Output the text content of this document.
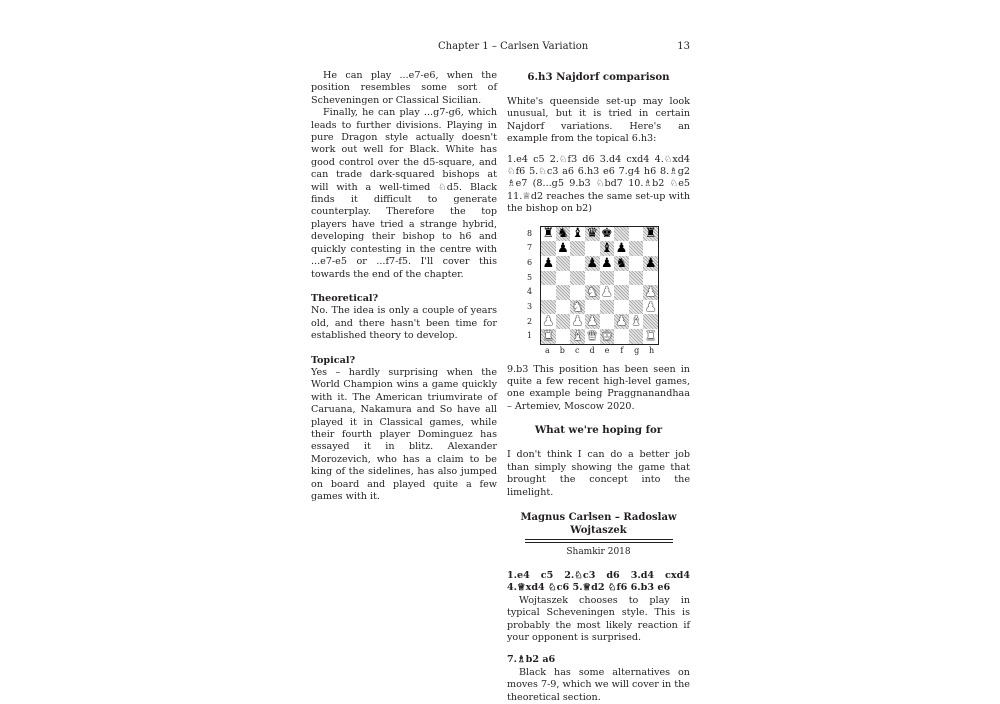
Chapter 1 – Carlsen Variation	13

He can play ...e7-e6, when the position resembles some sort of Scheveningen or Classical Sicilian.

Finally, he can play ...g7-g6, which leads to further divisions. Playing in pure Dragon style actually doesn't work out well for Black. White has good control over the d5-square, and can trade dark-squared bishops at will with a well-timed ♘d5. Black finds it difficult to generate counterplay. Therefore the top players have tried a strange hybrid, developing their bishop to h6 and quickly contesting in the centre with ...e7-e5 or ...f7-f5. I'll cover this towards the end of the chapter.

Theoretical?

No. The idea is only a couple of years old, and there hasn't been time for established theory to develop.

Topical?

Yes – hardly surprising when the World Champion wins a game quickly with it. The American triumvirate of Caruana, Nakamura and So have all played it in Classical games, while their fourth player Dominguez has essayed it in blitz. Alexander Morozevich, who has a claim to be king of the sidelines, has also jumped on board and played quite a few games with it.

6.h3 Najdorf comparison

White's queenside set-up may look unusual, but it is tried in certain Najdorf variations. Here's an example from the topical 6.h3:

1.e4 c5 2.♘f3 d6 3.d4 cxd4 4.♘xd4 ♘f6 5.♘c3 a6 6.h3 e6 7.g4 h6 8.♗g2 ♗e7 (8...g5 9.b3 ♘bd7 10.♗b2 ♘e5 11.♕d2 reaches the same set-up with the bishop on b2)

8
7
6
5
4
3
2
1
♜ ♞ ♝ ♛ ♚ ♜
♟ ♝ ♟
♟ ♟ ♟ ♞ ♟
♞ ♟ ♟
♞	♟
♟ ♟ ♟ ♟ ♝
♜ ♝ ♛ ♚ ♜
a	b	c	d	e	f	g	h

9.b3 This position has been seen in quite a few recent high-level games, one example being Praggnanandhaa – Artemiev, Moscow 2020.

What we're hoping for

I don't think I can do a better job than simply showing the game that brought the concept into the limelight.

Magnus Carlsen – Radoslaw Wojtaszek
Shamkir 2018

1.e4 c5 2.♘c3 d6 3.d4 cxd4 4.♕xd4 ♘c6 5.♕d2 ♘f6 6.b3 e6

Wojtaszek chooses to play in typical Scheveningen style. This is probably the most likely reaction if your opponent is surprised.

7.♗b2 a6

Black has some alternatives on moves 7-9, which we will cover in the theoretical section.
